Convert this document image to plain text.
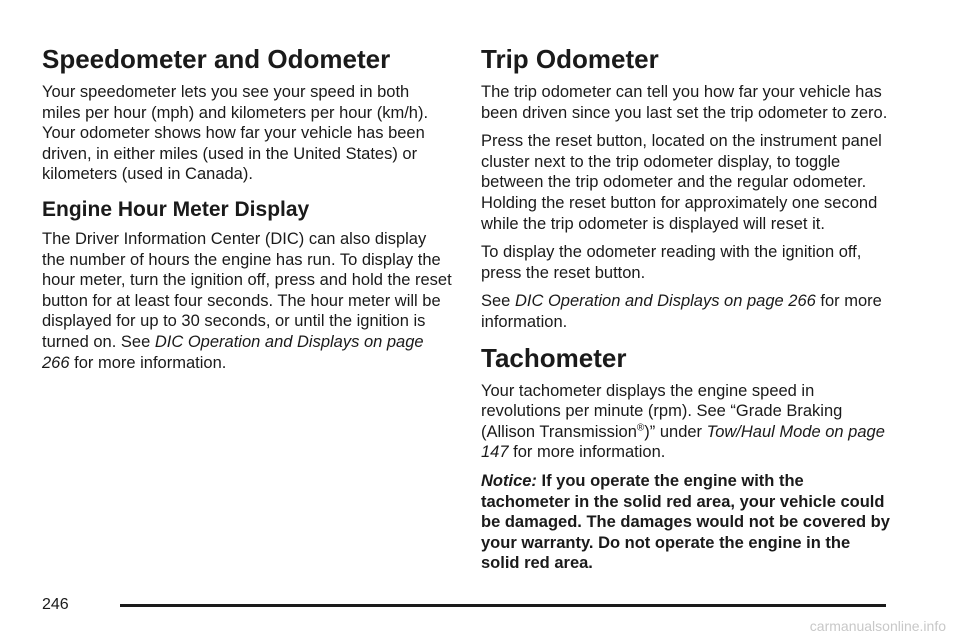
Speedometer and Odometer

Your speedometer lets you see your speed in both miles per hour (mph) and kilometers per hour (km/h). Your odometer shows how far your vehicle has been driven, in either miles (used in the United States) or kilometers (used in Canada).

Engine Hour Meter Display

The Driver Information Center (DIC) can also display the number of hours the engine has run. To display the hour meter, turn the ignition off, press and hold the reset button for at least four seconds. The hour meter will be displayed for up to 30 seconds, or until the ignition is turned on. See DIC Operation and Displays on page 266 for more information.

Trip Odometer

The trip odometer can tell you how far your vehicle has been driven since you last set the trip odometer to zero.

Press the reset button, located on the instrument panel cluster next to the trip odometer display, to toggle between the trip odometer and the regular odometer. Holding the reset button for approximately one second while the trip odometer is displayed will reset it.

To display the odometer reading with the ignition off, press the reset button.

See DIC Operation and Displays on page 266 for more information.

Tachometer

Your tachometer displays the engine speed in revolutions per minute (rpm). See “Grade Braking (Allison Transmission®)” under Tow/Haul Mode on page 147 for more information.

Notice: If you operate the engine with the tachometer in the solid red area, your vehicle could be damaged. The damages would not be covered by your warranty. Do not operate the engine in the solid red area.

246
carmanualsonline.info
